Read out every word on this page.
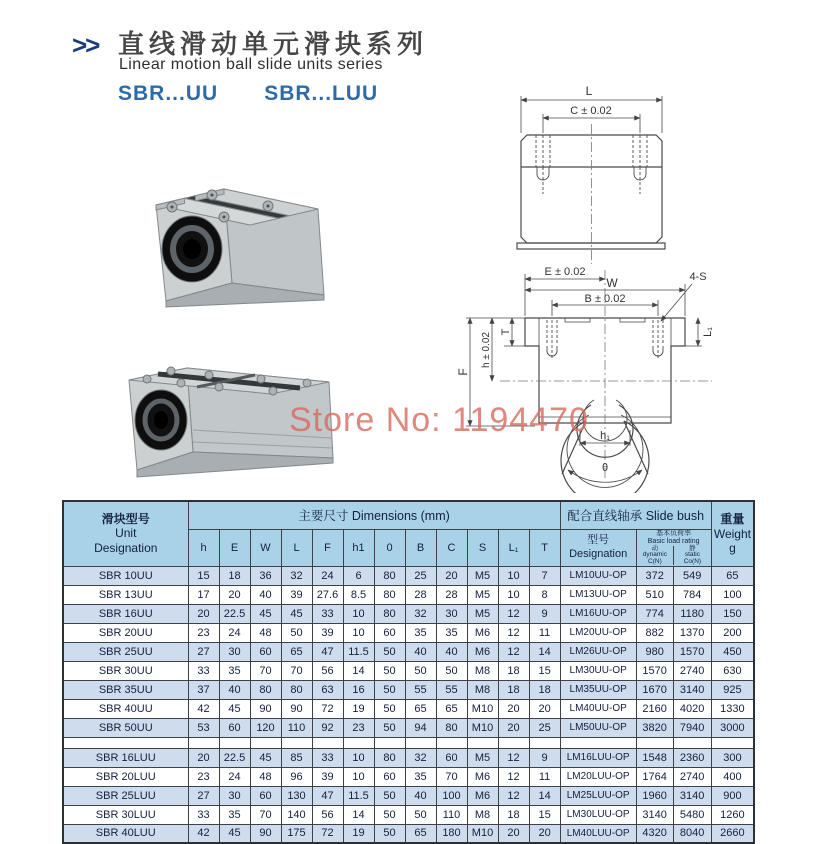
>> 直线滑动单元滑块系列
Linear motion ball slide units series
SBR...UU SBR...LUU	L
C ± 0.02
E ± 0.02
W
B ± 0.02
4-S
T
h ± 0.02
F
L₁
h₁
θ
Store No: 1194470
滑块型号
Unit
Designation
	主要尺寸 Dimensions (mm)	配合直线轴承 Slide bush	重量
Weight
g

h	E	W	L	F	h1	0	B	C	S	L₁	T	
型号
Designation

基本负荷率
Basic load rating
动
dynamic
C(N)
静
static
Co(N)

SBR 10UU	15	18	36	32	24	6	80	25	20	M5	10	7	LM10UU-OP	372	549	65
SBR 13UU	17	20	40	39	27.6	8.5	80	28	28	M5	10	8	LM13UU-OP	510	784	100
SBR 16UU	20	22.5	45	45	33	10	80	32	30	M5	12	9	LM16UU-OP	774	1180	150
SBR 20UU	23	24	48	50	39	10	60	35	35	M6	12	11	LM20UU-OP	882	1370	200
SBR 25UU	27	30	60	65	47	11.5	50	40	40	M6	12	14	LM26UU-OP	980	1570	450
SBR 30UU	33	35	70	70	56	14	50	50	50	M8	18	15	LM30UU-OP	1570	2740	630
SBR 35UU	37	40	80	80	63	16	50	55	55	M8	18	18	LM35UU-OP	1670	3140	925
SBR 40UU	42	45	90	90	72	19	50	65	65	M10	20	20	LM40UU-OP	2160	4020	1330
SBR 50UU	53	60	120	110	92	23	50	94	80	M10	20	25	LM50UU-OP	3820	7940	3000

SBR 16LUU	20	22.5	45	85	33	10	80	32	60	M5	12	9	LM16LUU-OP	1548	2360	300
SBR 20LUU	23	24	48	96	39	10	60	35	70	M6	12	11	LM20LUU-OP	1764	2740	400
SBR 25LUU	27	30	60	130	47	11.5	50	40	100	M6	12	14	LM25LUU-OP	1960	3140	900
SBR 30LUU	33	35	70	140	56	14	50	50	110	M8	18	15	LM30LUU-OP	3140	5480	1260
SBR 40LUU	42	45	90	175	72	19	50	65	180	M10	20	20	LM40LUU-OP	4320	8040	2660
